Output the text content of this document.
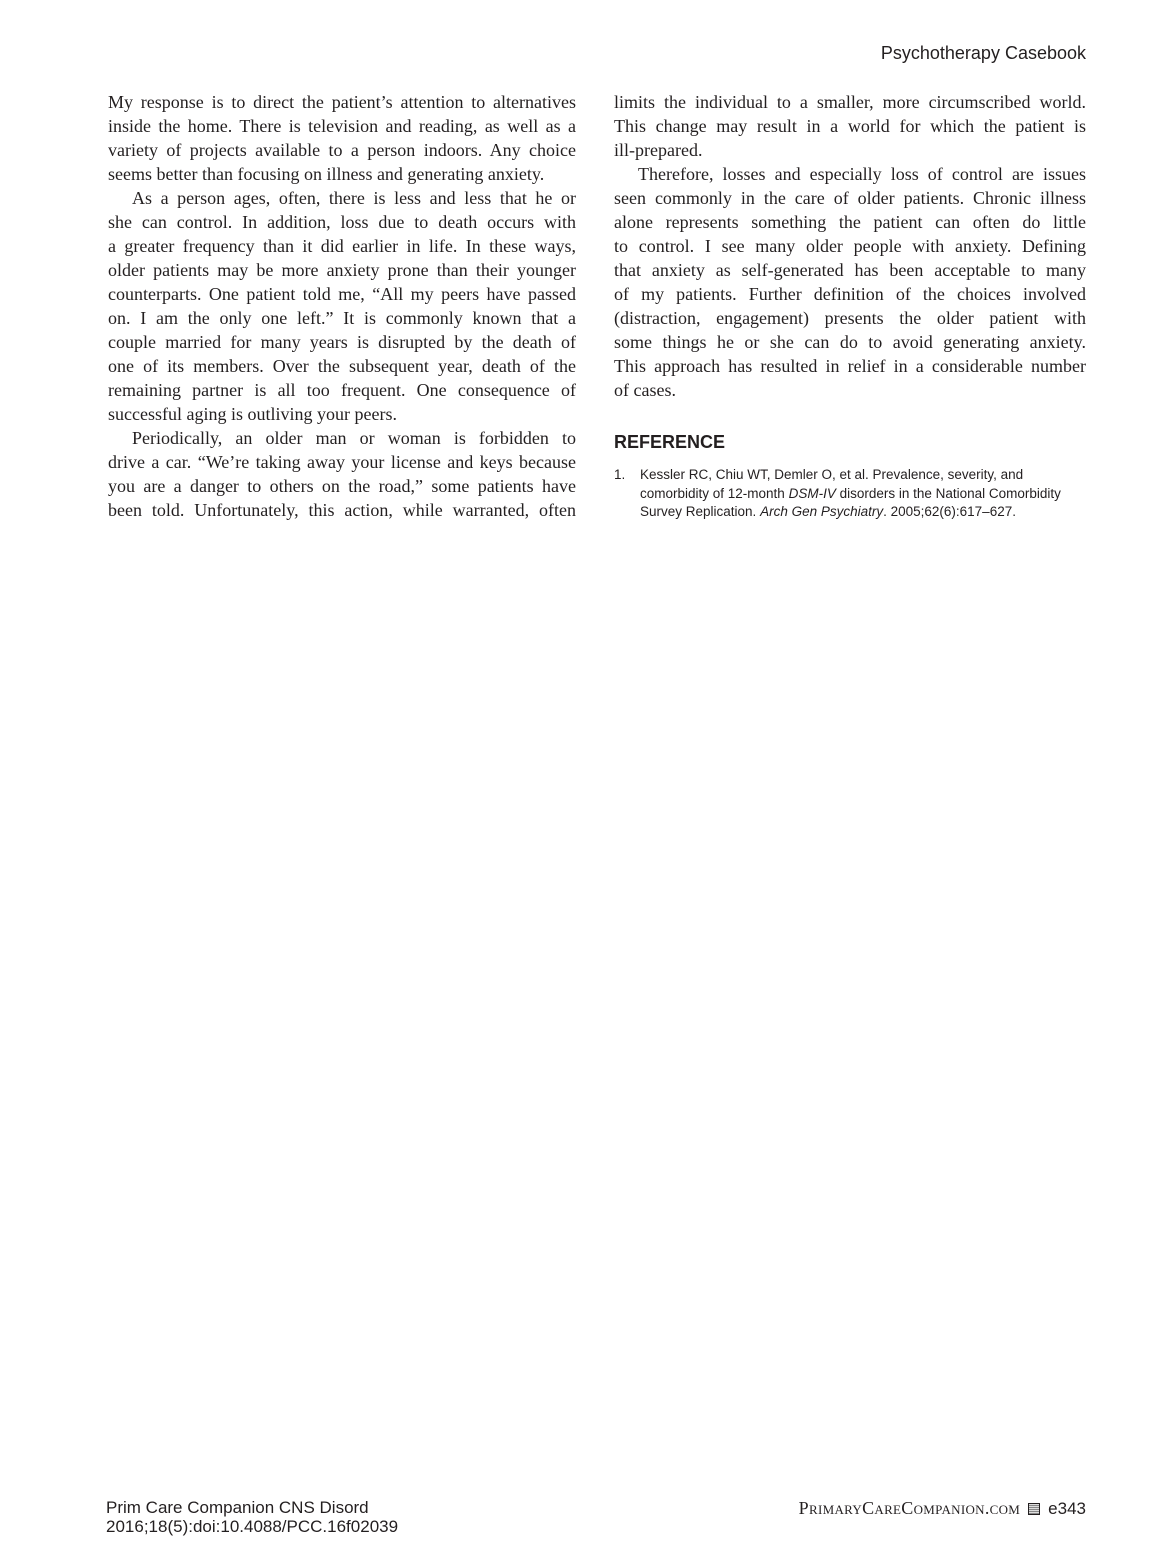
Psychotherapy Casebook
My response is to direct the patient’s attention to alternatives
inside the home. There is television and reading, as well as a
variety of projects available to a person indoors. Any choice
seems better than focusing on illness and generating anxiety.
As a person ages, often, there is less and less that he or
she can control. In addition, loss due to death occurs with
a greater frequency than it did earlier in life. In these ways,
older patients may be more anxiety prone than their younger
counterparts. One patient told me, “All my peers have passed
on. I am the only one left.” It is commonly known that a
couple married for many years is disrupted by the death of
one of its members. Over the subsequent year, death of the
remaining partner is all too frequent. One consequence of
successful aging is outliving your peers.
Periodically, an older man or woman is forbidden to
drive a car. “We’re taking away your license and keys because
you are a danger to others on the road,” some patients have
been told. Unfortunately, this action, while warranted, often
limits the individual to a smaller, more circumscribed world.
This change may result in a world for which the patient is
ill-prepared.
Therefore, losses and especially loss of control are issues
seen commonly in the care of older patients. Chronic illness
alone represents something the patient can often do little
to control. I see many older people with anxiety. Defining
that anxiety as self-generated has been acceptable to many
of my patients. Further definition of the choices involved
(distraction, engagement) presents the older patient with
some things he or she can do to avoid generating anxiety.
This approach has resulted in relief in a considerable number
of cases.
REFERENCE
1. Kessler RC, Chiu WT, Demler O, et al. Prevalence, severity, and comorbidity of 12-month DSM-IV disorders in the National Comorbidity Survey Replication. Arch Gen Psychiatry. 2005;62(6):617–627.
Prim Care Companion CNS Disord
2016;18(5):doi:10.4088/PCC.16f02039
PrimaryCareCompanion.com e343
